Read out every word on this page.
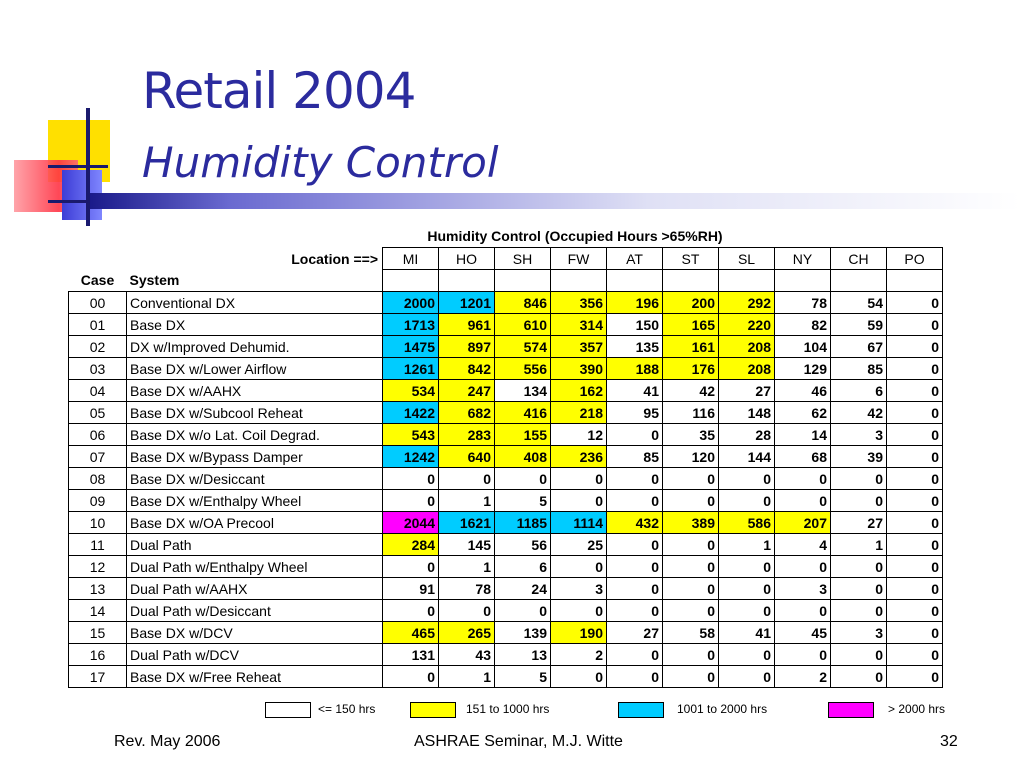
Retail 2004
Humidity Control
Humidity Control (Occupied Hours >65%RH)
Location ==>		MI	HO	SH	FW	AT	ST	SL	NY	CH	PO
Case	System										
00	Conventional DX	2000	1201	846	356	196	200	292	78	54	0
01	Base DX	1713	961	610	314	150	165	220	82	59	0
02	DX w/Improved Dehumid.	1475	897	574	357	135	161	208	104	67	0
03	Base DX w/Lower Airflow	1261	842	556	390	188	176	208	129	85	0
04	Base DX w/AAHX	534	247	134	162	41	42	27	46	6	0
05	Base DX w/Subcool Reheat	1422	682	416	218	95	116	148	62	42	0
06	Base DX w/o Lat. Coil Degrad.	543	283	155	12	0	35	28	14	3	0
07	Base DX w/Bypass Damper	1242	640	408	236	85	120	144	68	39	0
08	Base DX w/Desiccant	0	0	0	0	0	0	0	0	0	0
09	Base DX w/Enthalpy Wheel	0	1	5	0	0	0	0	0	0	0
10	Base DX w/OA Precool	2044	1621	1185	1114	432	389	586	207	27	0
11	Dual Path	284	145	56	25	0	0	1	4	1	0
12	Dual Path w/Enthalpy Wheel	0	1	6	0	0	0	0	0	0	0
13	Dual Path w/AAHX	91	78	24	3	0	0	0	3	0	0
14	Dual Path w/Desiccant	0	0	0	0	0	0	0	0	0	0
15	Base DX w/DCV	465	265	139	190	27	58	41	45	3	0
16	Dual Path w/DCV	131	43	13	2	0	0	0	0	0	0
17	Base DX w/Free Reheat	0	1	5	0	0	0	0	2	0	0
<= 150 hrs	151 to 1000 hrs	1001 to 2000 hrs	> 2000 hrs
Rev. May 2006	ASHRAE Seminar, M.J. Witte	32
